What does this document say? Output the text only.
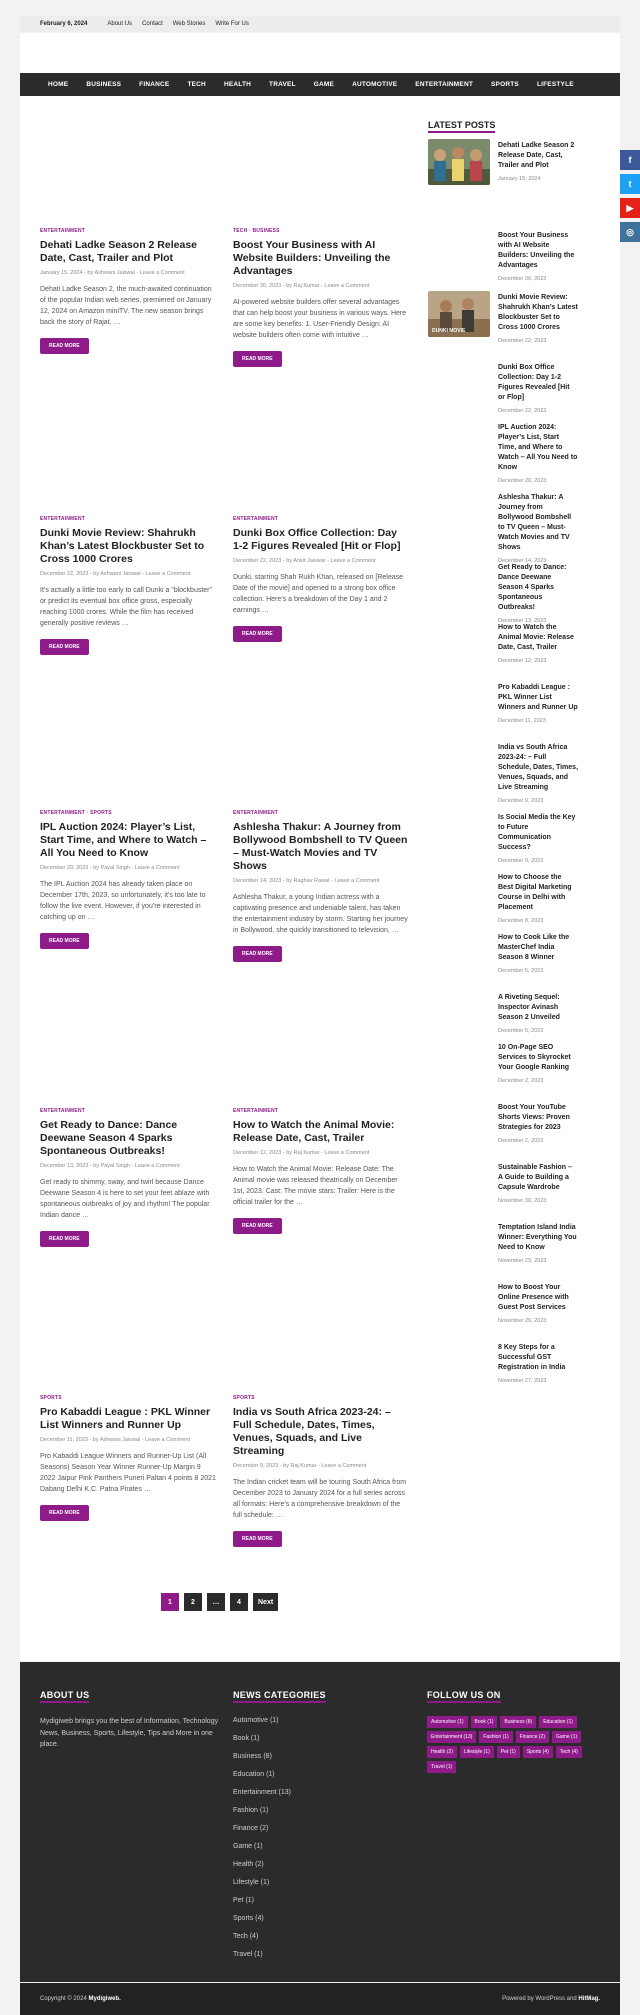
February 6, 2024	About Us Contact Web Stories Write For Us
HOME	BUSINESS	FINANCE	TECH	HEALTH	TRAVEL	GAME	AUTOMOTIVE	ENTERTAINMENT	SPORTS	LIFESTYLE
ENTERTAINMENT
Dehati Ladke Season 2 Release Date, Cast, Trailer and Plot
January 15, 2024 - by Ashwani Jaiswal - Leave a Comment
Dehati Ladke Season 2, the much-awaited continuation of the popular Indian web series, premiered on January 12, 2024 on Amazon miniTV. The new season brings back the story of Rajat, …
READ MORE
TECH · BUSINESS
Boost Your Business with AI Website Builders: Unveiling the Advantages
December 30, 2023 - by Raj Kumar - Leave a Comment
AI-powered website builders offer several advantages that can help boost your business in various ways. Here are some key benefits: 1. User-Friendly Design: AI website builders often come with intuitive …
READ MORE
ENTERTAINMENT
Dunki Movie Review: Shahrukh Khan’s Latest Blockbuster Set to Cross 1000 Crores
December 22, 2023 - by Ashwani Jaiswal - Leave a Comment
It’s actually a little too early to call Dunki a “blockbuster” or predict its eventual box office gross, especially reaching 1000 crores. While the film has received generally positive reviews …
READ MORE
ENTERTAINMENT
Dunki Box Office Collection: Day 1-2 Figures Revealed [Hit or Flop]
December 22, 2023 - by Ankit Jaiswar - Leave a Comment
Dunki, starring Shah Rukh Khan, released on [Release Date of the movie] and opened to a strong box office collection. Here’s a breakdown of the Day 1 and 2 earnings …
READ MORE
ENTERTAINMENT · SPORTS
IPL Auction 2024: Player’s List, Start Time, and Where to Watch – All You Need to Know
December 20, 2023 - by Payal Singh - Leave a Comment
The IPL Auction 2024 has already taken place on December 17th, 2023, so unfortunately, it’s too late to follow the live event. However, if you’re interested in catching up on …
READ MORE
ENTERTAINMENT
Ashlesha Thakur: A Journey from Bollywood Bombshell to TV Queen – Must-Watch Movies and TV Shows
December 14, 2023 - by Raghav Rawat - Leave a Comment
Ashlesha Thakur, a young Indian actress with a captivating presence and undeniable talent, has taken the entertainment industry by storm. Starting her journey in Bollywood, she quickly transitioned to television, …
READ MORE
ENTERTAINMENT
Get Ready to Dance: Dance Deewane Season 4 Sparks Spontaneous Outbreaks!
December 13, 2023 - by Payal Singh - Leave a Comment
Get ready to shimmy, sway, and twirl because Dance Deewane Season 4 is here to set your feet ablaze with spontaneous outbreaks of joy and rhythm! The popular Indian dance …
READ MORE
ENTERTAINMENT
How to Watch the Animal Movie: Release Date, Cast, Trailer
December 12, 2023 - by Raj Kumar - Leave a Comment
How to Watch the Animal Movie: Release Date: The Animal movie was released theatrically on December 1st, 2023. Cast: The movie stars: Trailer: Here is the official trailer for the …
READ MORE
SPORTS
Pro Kabaddi League : PKL Winner List Winners and Runner Up
December 11, 2023 - by Ashwani Jaiswal - Leave a Comment
Pro Kabaddi League Winners and Runner-Up List (All Seasons) Season Year Winner Runner-Up Margin 9 2022 Jaipur Pink Panthers Puneri Paltan 4 points 8 2021 Dabang Delhi K.C. Patna Pirates …
READ MORE
SPORTS
India vs South Africa 2023-24: – Full Schedule, Dates, Times, Venues, Squads, and Live Streaming
December 9, 2023 - by Raj Kumar - Leave a Comment
The Indian cricket team will be touring South Africa from December 2023 to January 2024 for a full series across all formats: Here’s a comprehensive breakdown of the full schedule: …
READ MORE
LATEST POSTS
Dehati Ladke Season 2 Release Date, Cast, Trailer and Plot
January 15, 2024
Boost Your Business with AI Website Builders: Unveiling the Advantages
December 30, 2023
DUNKI MOVIE
Dunki Movie Review: Shahrukh Khan’s Latest Blockbuster Set to Cross 1000 Crores
December 22, 2023
Dunki Box Office Collection: Day 1-2 Figures Revealed [Hit or Flop]
December 22, 2023
IPL Auction 2024: Player’s List, Start Time, and Where to Watch – All You Need to Know
December 20, 2023
Ashlesha Thakur: A Journey from Bollywood Bombshell to TV Queen – Must-Watch Movies and TV Shows
December 14, 2023
Get Ready to Dance: Dance Deewane Season 4 Sparks Spontaneous Outbreaks!
December 13, 2023
How to Watch the Animal Movie: Release Date, Cast, Trailer
December 12, 2023
Pro Kabaddi League : PKL Winner List Winners and Runner Up
December 11, 2023
India vs South Africa 2023-24: – Full Schedule, Dates, Times, Venues, Squads, and Live Streaming
December 9, 2023
Is Social Media the Key to Future Communication Success?
December 9, 2023
How to Choose the Best Digital Marketing Course in Delhi with Placement
December 8, 2023
How to Cook Like the MasterChef India Season 8 Winner
December 5, 2023
A Riveting Sequel: Inspector Avinash Season 2 Unveiled
December 5, 2023
10 On-Page SEO Services to Skyrocket Your Google Ranking
December 2, 2023
Boost Your YouTube Shorts Views: Proven Strategies for 2023
December 2, 2023
Sustainable Fashion – A Guide to Building a Capsule Wardrobe
November 30, 2023
Temptation Island India Winner: Everything You Need to Know
November 29, 2023
How to Boost Your Online Presence with Guest Post Services
November 29, 2023
8 Key Steps for a Successful GST Registration in India
November 27, 2023
1	2	…	4	Next
f
t
▶
◎
ABOUT US
Mydigiweb brings you the best of Information, Technology News, Business, Sports, Lifestyle, Tips and More in one place.
NEWS CATEGORIES
Automotive (1)
Book (1)
Business (8)
Education (1)
Entertainment (13)
Fashion (1)
Finance (2)
Game (1)
Health (2)
Lifestyle (1)
Pet (1)
Sports (4)
Tech (4)
Travel (1)
FOLLOW US ON
Automotive (1)	Book (1)	Business (8)	Education (1)
Entertainment (13)	Fashion (1)	Finance (2)	Game (1)
Health (2)	Lifestyle (1)	Pet (1)	Sports (4)	Tech (4)
Travel (1)
Copyright © 2024 Mydigiweb.	Powered by WordPress and HitMag.
